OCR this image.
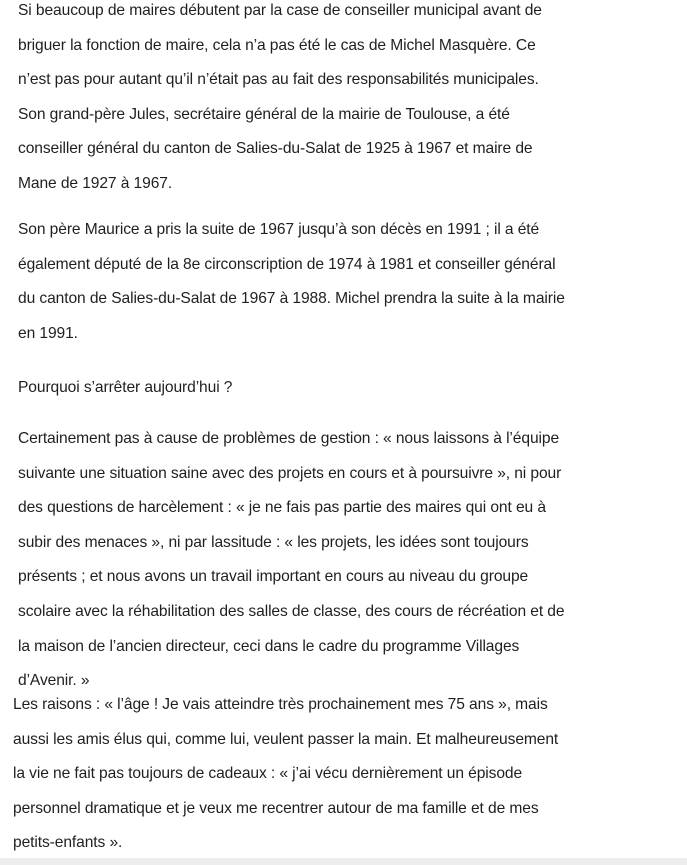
Si beaucoup de maires débutent par la case de conseiller municipal avant de
briguer la fonction de maire, cela n’a pas été le cas de Michel Masquère. Ce
n’est pas pour autant qu’il n’était pas au fait des responsabilités municipales.
Son grand-père Jules, secrétaire général de la mairie de Toulouse, a été
conseiller général du canton de Salies-du-Salat de 1925 à 1967 et maire de
Mane de 1927 à 1967.

Son père Maurice a pris la suite de 1967 jusqu’à son décès en 1991 ; il a été
également député de la 8e circonscription de 1974 à 1981 et conseiller général
du canton de Salies-du-Salat de 1967 à 1988. Michel prendra la suite à la mairie
en 1991.

Pourquoi s’arrêter aujourd’hui ?

Certainement pas à cause de problèmes de gestion : « nous laissons à l’équipe
suivante une situation saine avec des projets en cours et à poursuivre », ni pour
des questions de harcèlement : « je ne fais pas partie des maires qui ont eu à
subir des menaces », ni par lassitude : « les projets, les idées sont toujours
présents ; et nous avons un travail important en cours au niveau du groupe
scolaire avec la réhabilitation des salles de classe, des cours de récréation et de
la maison de l’ancien directeur, ceci dans le cadre du programme Villages
d’Avenir. »

Les raisons : « l’âge ! Je vais atteindre très prochainement mes 75 ans », mais
aussi les amis élus qui, comme lui, veulent passer la main. Et malheureusement
la vie ne fait pas toujours de cadeaux : « j’ai vécu dernièrement un épisode
personnel dramatique et je veux me recentrer autour de ma famille et de mes
petits-enfants ».
